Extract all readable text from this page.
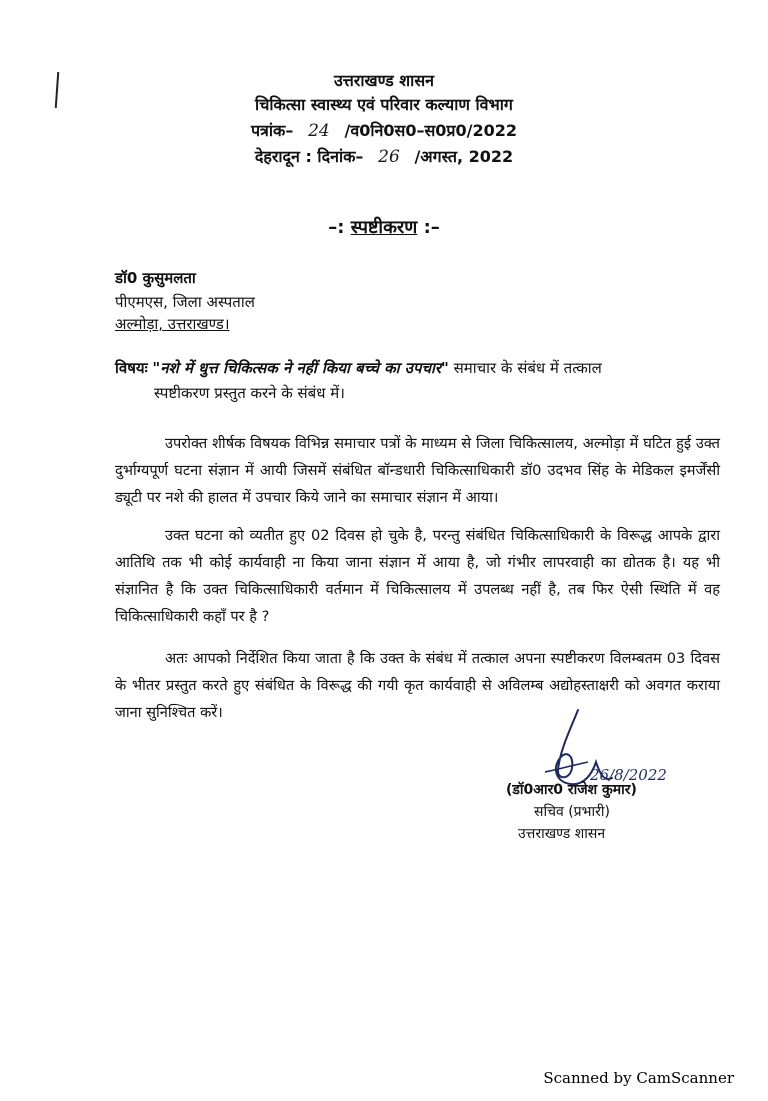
उत्तराखण्ड शासन
चिकित्सा स्वास्थ्य एवं परिवार कल्याण विभाग
पत्रांक– 24 /व0नि0स0–स0प्र0/2022
देहरादून : दिनांक– 26 /अगस्त, 2022
–: स्पष्टीकरण :–
डॉ0 कुसुमलता
पीएमएस, जिला अस्पताल
अल्मोड़ा, उत्तराखण्ड।
विषयः "नशे में धुत्त चिकित्सक ने नहीं किया बच्चे का उपचार" समाचार के संबंध में तत्काल
स्पष्टीकरण प्रस्तुत करने के संबंध में।
उपरोक्त शीर्षक विषयक विभिन्न समाचार पत्रों के माध्यम से जिला चिकित्सालय, अल्मोड़ा में घटित हुई उक्त दुर्भाग्यपूर्ण घटना संज्ञान में आयी जिसमें संबंधित बॉन्डधारी चिकित्साधिकारी डॉ0 उदभव सिंह के मेडिकल इमर्जेंसी ड्यूटी पर नशे की हालत में उपचार किये जाने का समाचार संज्ञान में आया।
उक्त घटना को व्यतीत हुए 02 दिवस हो चुके है, परन्तु संबंधित चिकित्साधिकारी के विरूद्ध आपके द्वारा आतिथि तक भी कोई कार्यवाही ना किया जाना संज्ञान में आया है, जो गंभीर लापरवाही का द्योतक है। यह भी संज्ञानित है कि उक्त चिकित्साधिकारी वर्तमान में चिकित्सालय में उपलब्ध नहीं है, तब फिर ऐसी स्थिति में वह चिकित्साधिकारी कहाँ पर है ?
अतः आपको निर्देशित किया जाता है कि उक्त के संबंध में तत्काल अपना स्पष्टीकरण विलम्बतम 03 दिवस के भीतर प्रस्तुत करते हुए संबंधित के विरूद्ध की गयी कृत कार्यवाही से अविलम्ब अद्योहस्ताक्षरी को अवगत कराया जाना सुनिश्चित करें।
26/8/2022
(डॉ0आर0 राजेश कुमार)
सचिव (प्रभारी)
उत्तराखण्ड शासन
Scanned by CamScanner
